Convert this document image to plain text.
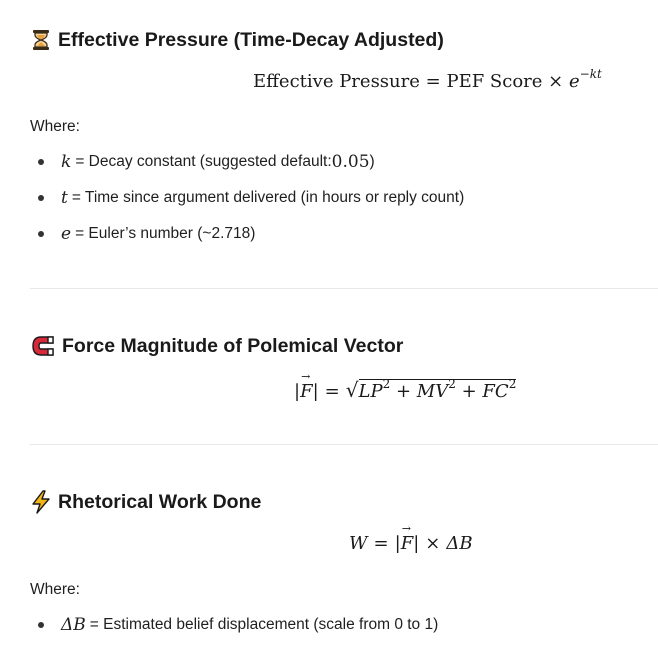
Effective Pressure (Time-Decay Adjusted)
Effective Pressure = PEF Score × $e^{-kt}$
Where:
k = Decay constant (suggested default: 0.05 )
t = Time since argument delivered (in hours or reply count)
e = Euler’s number (~2.718)
Force Magnitude of Polemical Vector
|
→
F | = √ $LP^2 + MV^2 + FC^2$
Rhetorical Work Done
W = |
→
F | × ΔB
Where:
ΔB = Estimated belief displacement (scale from 0 to 1)
